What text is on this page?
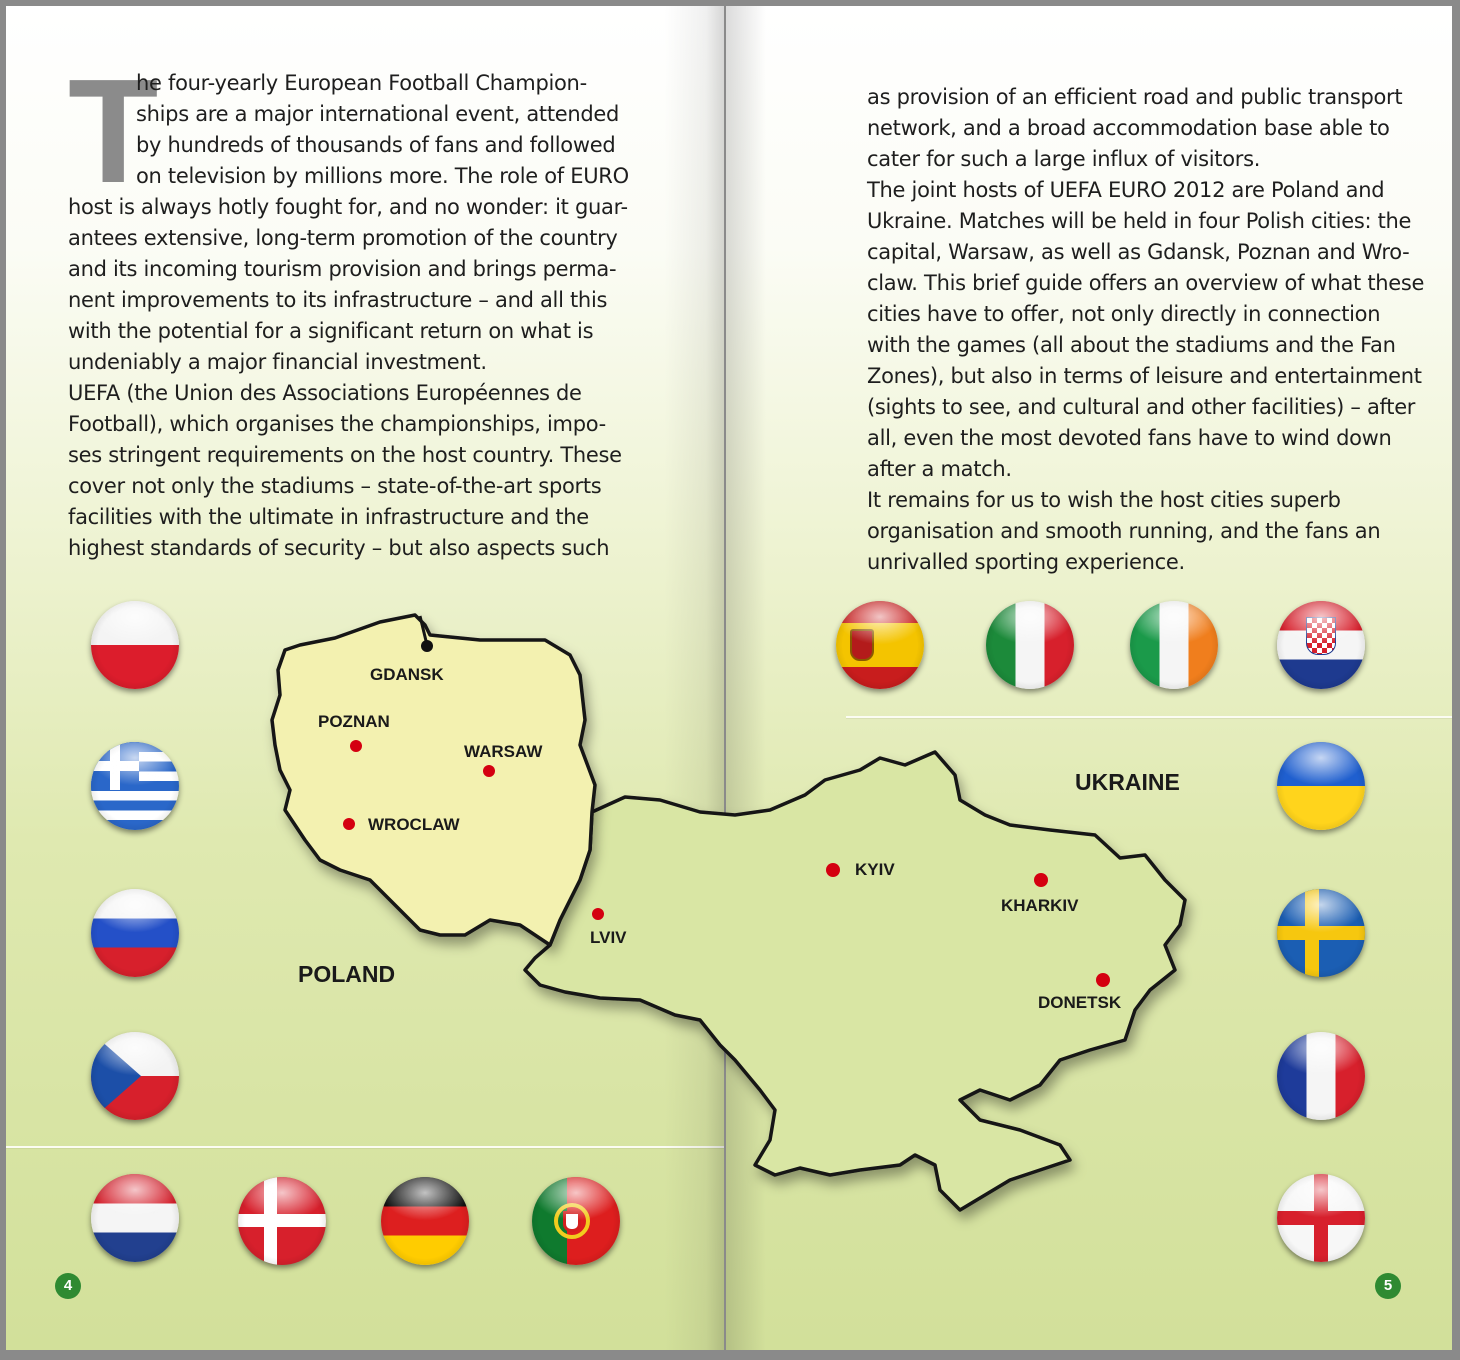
T
he four-yearly European Football Champion-
ships are a major international event, attended
by hundreds of thousands of fans and followed
on television by millions more. The role of EURO
host is always hotly fought for, and no wonder: it guar-
antees extensive, long-term promotion of the country
and its incoming tourism provision and brings perma-
nent improvements to its infrastructure – and all this
with the potential for a significant return on what is
undeniably a major financial investment.
UEFA (the Union des Associations Européennes de
Football), which organises the championships, impo-
ses stringent requirements on the host country. These
cover not only the stadiums – state-of-the-art sports
facilities with the ultimate in infrastructure and the
highest standards of security – but also aspects such
4
as provision of an efficient road and public transport
network, and a broad accommodation base able to
cater for such a large influx of visitors.
The joint hosts of UEFA EURO 2012 are Poland and
Ukraine. Matches will be held in four Polish cities: the
capital, Warsaw, as well as Gdansk, Poznan and Wro-
claw. This brief guide offers an overview of what these
cities have to offer, not only directly in connection
with the games (all about the stadiums and the Fan
Zones), but also in terms of leisure and entertainment
(sights to see, and cultural and other facilities) – after
all, even the most devoted fans have to wind down
after a match.
It remains for us to wish the host cities superb
organisation and smooth running, and the fans an
unrivalled sporting experience.
5
GDANSK
POZNAN
WARSAW
WROCLAW
LVIV
KYIV
KHARKIV
DONETSK
POLAND
UKRAINE
